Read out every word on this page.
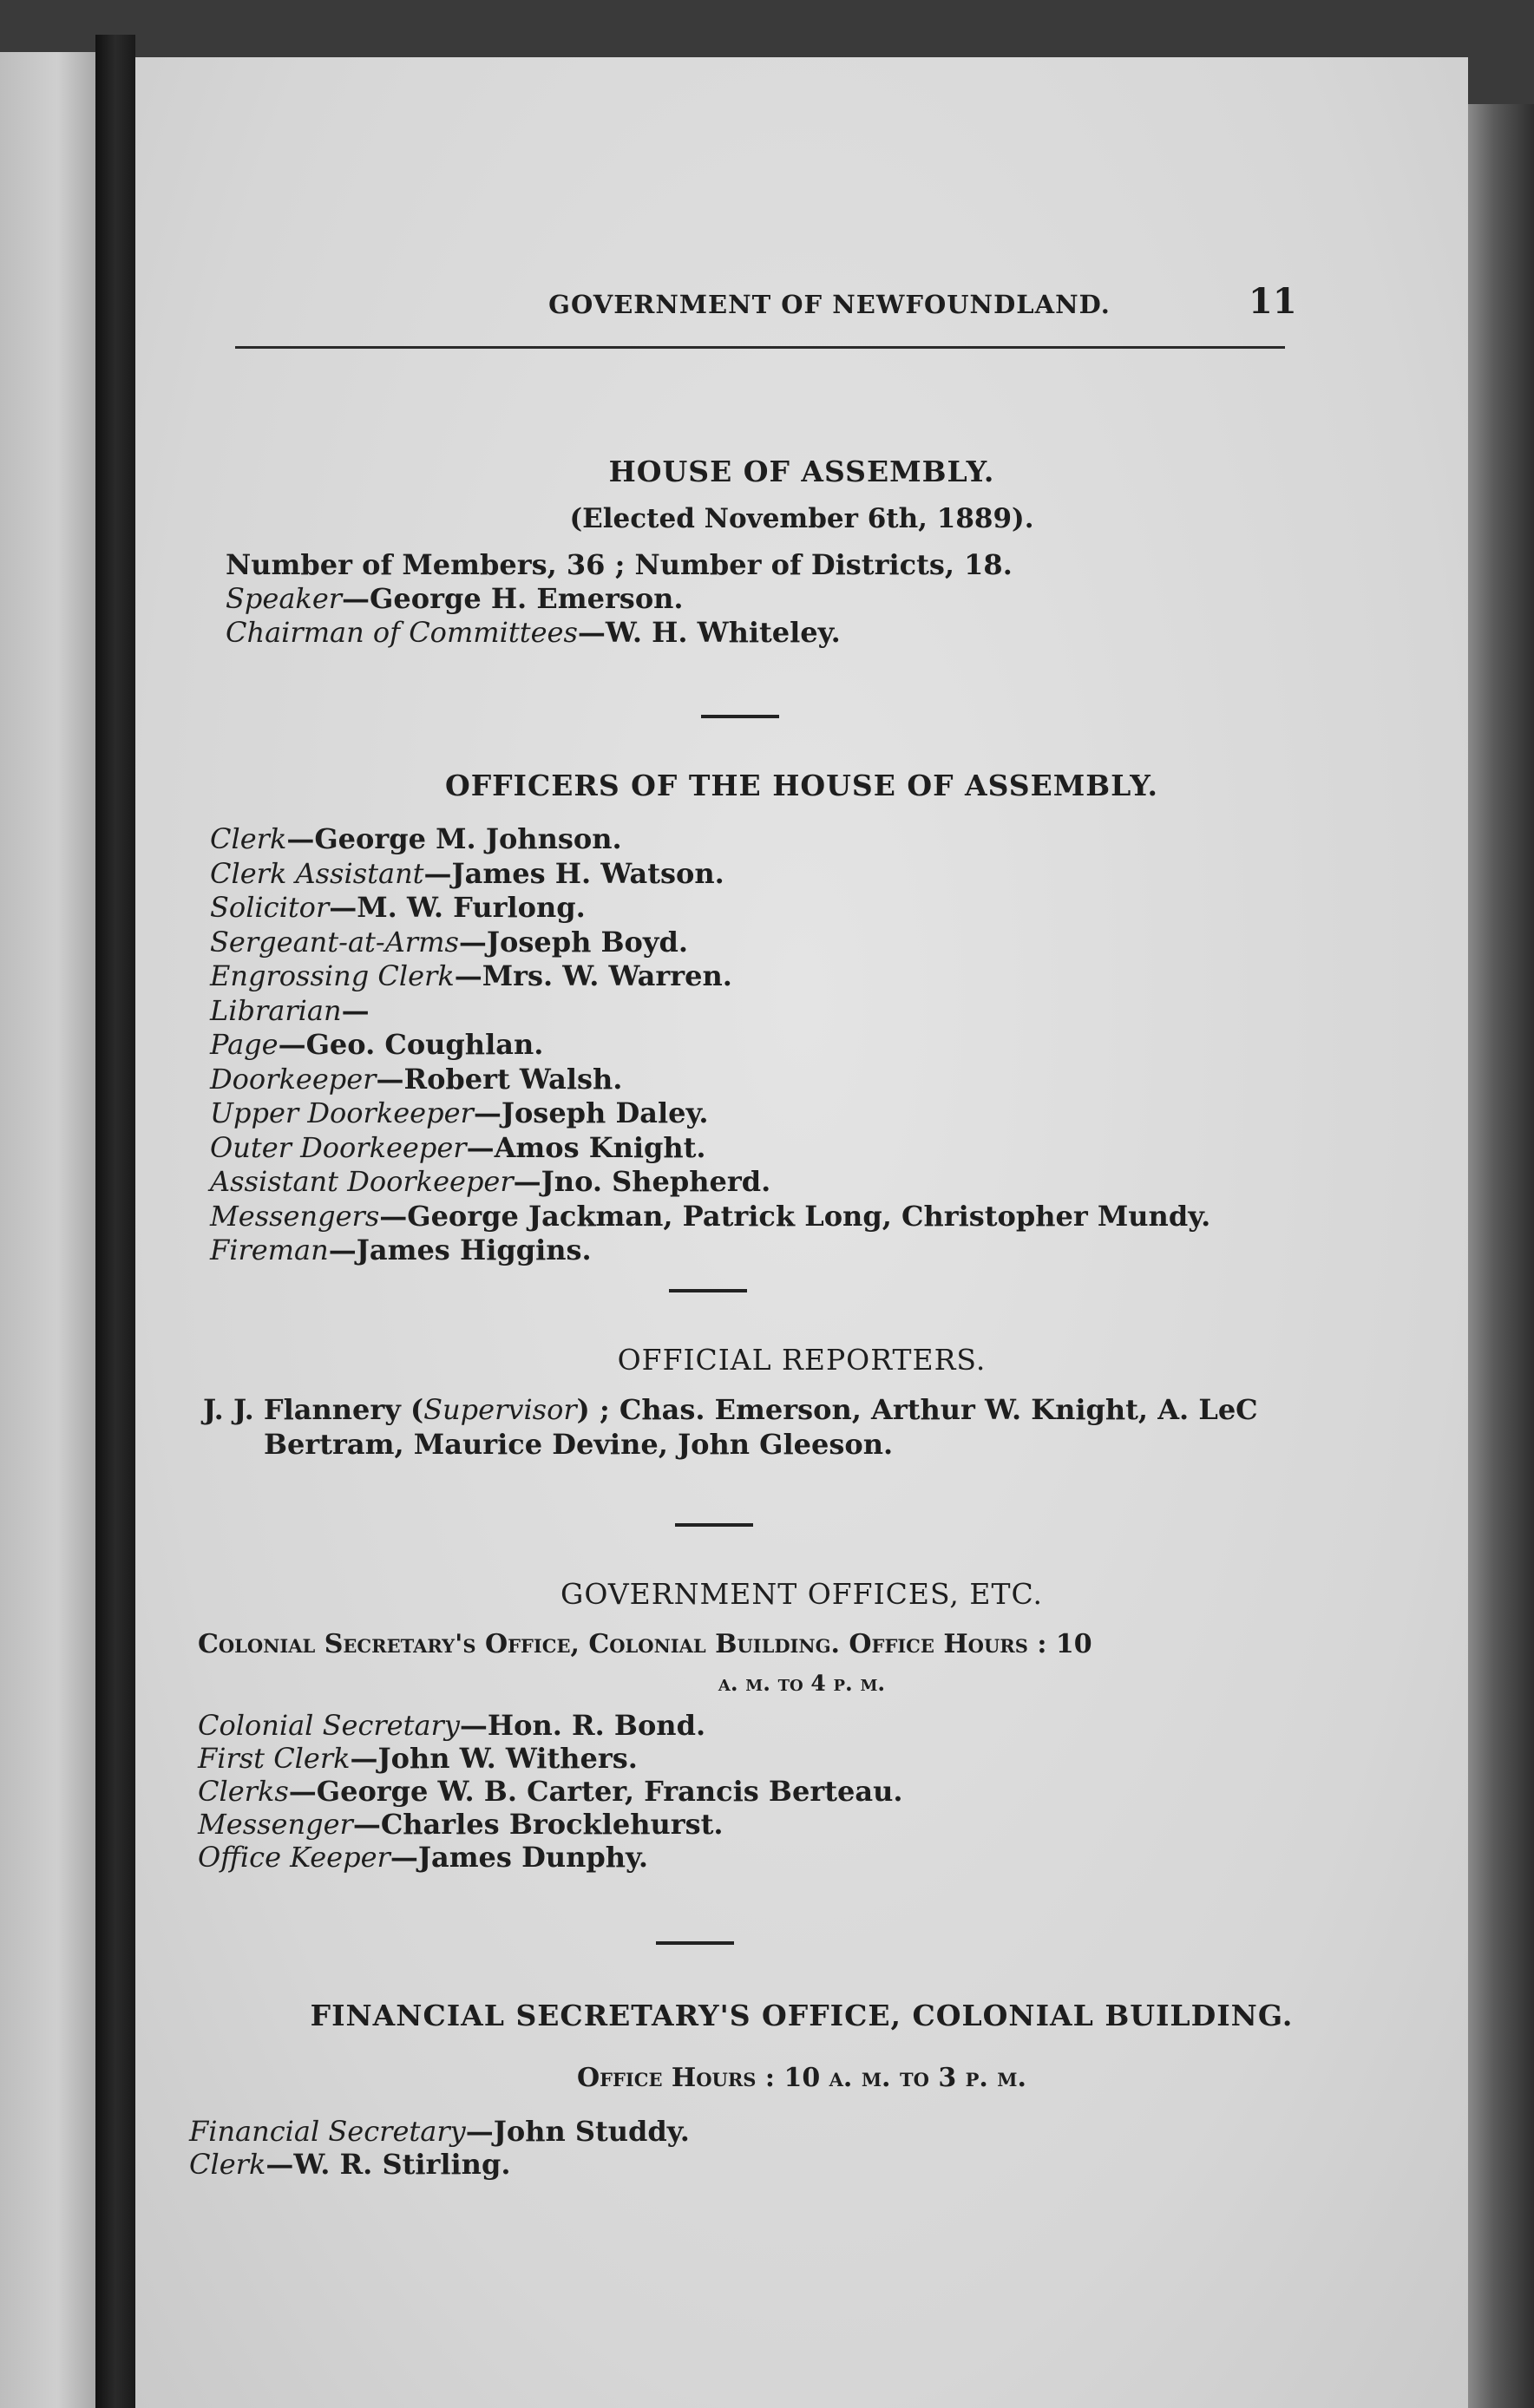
GOVERNMENT OF NEWFOUNDLAND.	11
HOUSE OF ASSEMBLY.
(Elected November 6th, 1889).
Number of Members, 36 ; Number of Districts, 18.
Speaker—George H. Emerson.
Chairman of Committees—W. H. Whiteley.
OFFICERS OF THE HOUSE OF ASSEMBLY.
Clerk—George M. Johnson.
Clerk Assistant—James H. Watson.
Solicitor—M. W. Furlong.
Sergeant-at-Arms—Joseph Boyd.
Engrossing Clerk—Mrs. W. Warren.
Librarian—
Page—Geo. Coughlan.
Doorkeeper—Robert Walsh.
Upper Doorkeeper—Joseph Daley.
Outer Doorkeeper—Amos Knight.
Assistant Doorkeeper—Jno. Shepherd.
Messengers—George Jackman, Patrick Long, Christopher Mundy.
Fireman—James Higgins.
OFFICIAL REPORTERS.
J. J. Flannery (Supervisor) ; Chas. Emerson, Arthur W. Knight, A. LeC
Bertram, Maurice Devine, John Gleeson.
GOVERNMENT OFFICES, ETC.
Colonial Secretary's Office, Colonial Building. Office Hours : 10
a. m. to 4 p. m.
Colonial Secretary—Hon. R. Bond.
First Clerk—John W. Withers.
Clerks—George W. B. Carter, Francis Berteau.
Messenger—Charles Brocklehurst.
Office Keeper—James Dunphy.
FINANCIAL SECRETARY'S OFFICE, COLONIAL BUILDING.
Office Hours : 10 a. m. to 3 p. m.
Financial Secretary—John Studdy.
Clerk—W. R. Stirling.
